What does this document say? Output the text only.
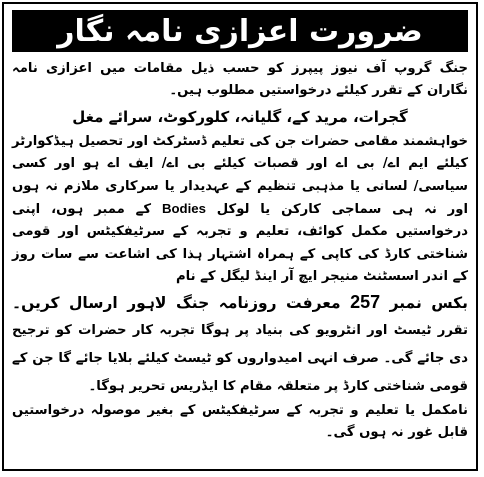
ضرورت اعزازی نامہ نگار

جنگ گروپ آف نیوز پیپرز کو حسب ذیل مقامات میں اعزازی نامہ نگاران کے تقرر کیلئے درخواستیں مطلوب ہیں۔

گجرات، مرید کے، گلیانہ، کلورکوٹ، سرائے مغل

خواہشمند مقامی حضرات جن کی تعلیم ڈسٹرکٹ اور تحصیل ہیڈکوارٹر کیلئے ایم اے/ بی اے اور قصبات کیلئے بی اے/ ایف اے ہو اور کسی سیاسی/ لسانی یا مذہبی تنظیم کے عہدیدار یا سرکاری ملازم نہ ہوں اور نہ ہی سماجی کارکن یا لوکل Bodies کے ممبر ہوں، اپنی درخواستیں مکمل کوائف، تعلیم و تجربہ کے سرٹیفکیٹس اور قومی شناختی کارڈ کی کاپی کے ہمراہ اشتہار ہذا کی اشاعت سے سات روز کے اندر اسسٹنٹ منیجر ایچ آر اینڈ لیگل کے نام

بکس نمبر 257 معرفت روزنامہ جنگ لاہور ارسال کریں۔ تقرر ٹیسٹ اور انٹرویو کی بنیاد پر ہوگا تجربہ کار حضرات کو ترجیح دی جائے گی۔ صرف انہی امیدواروں کو ٹیسٹ کیلئے بلایا جائے گا جن کے قومی شناختی کارڈ پر متعلقہ مقام کا ایڈریس تحریر ہوگا۔

نامکمل یا تعلیم و تجربہ کے سرٹیفکیٹس کے بغیر موصولہ درخواستیں قابل غور نہ ہوں گی۔
